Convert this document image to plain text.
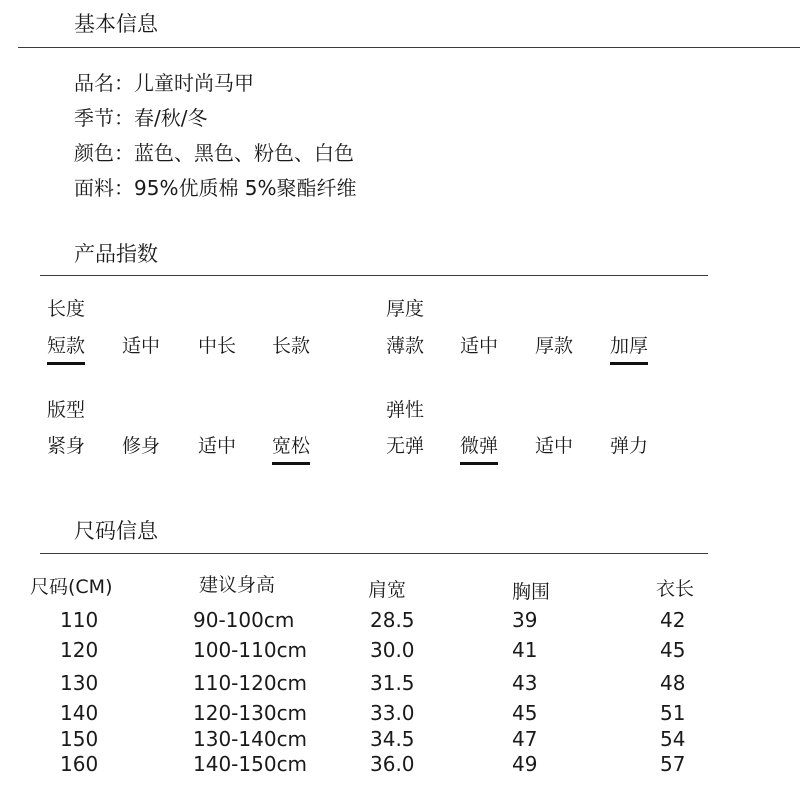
基本信息
品名：儿童时尚马甲
季节：春/秋/冬
颜色：蓝色、黑色、粉色、白色
面料：95%优质棉 5%聚酯纤维
产品指数
长度
短款 适中 中长 长款
厚度
薄款 适中 厚款 加厚
版型
紧身 修身 适中 宽松
弹性
无弹 微弹 适中 弹力
尺码信息
尺码(CM)	建议身高	肩宽	胸围	衣长
110	90-100cm	28.5	39	42
120	100-110cm	30.0	41	45
130	110-120cm	31.5	43	48
140	120-130cm	33.0	45	51
150	130-140cm	34.5	47	54
160	140-150cm	36.0	49	57
